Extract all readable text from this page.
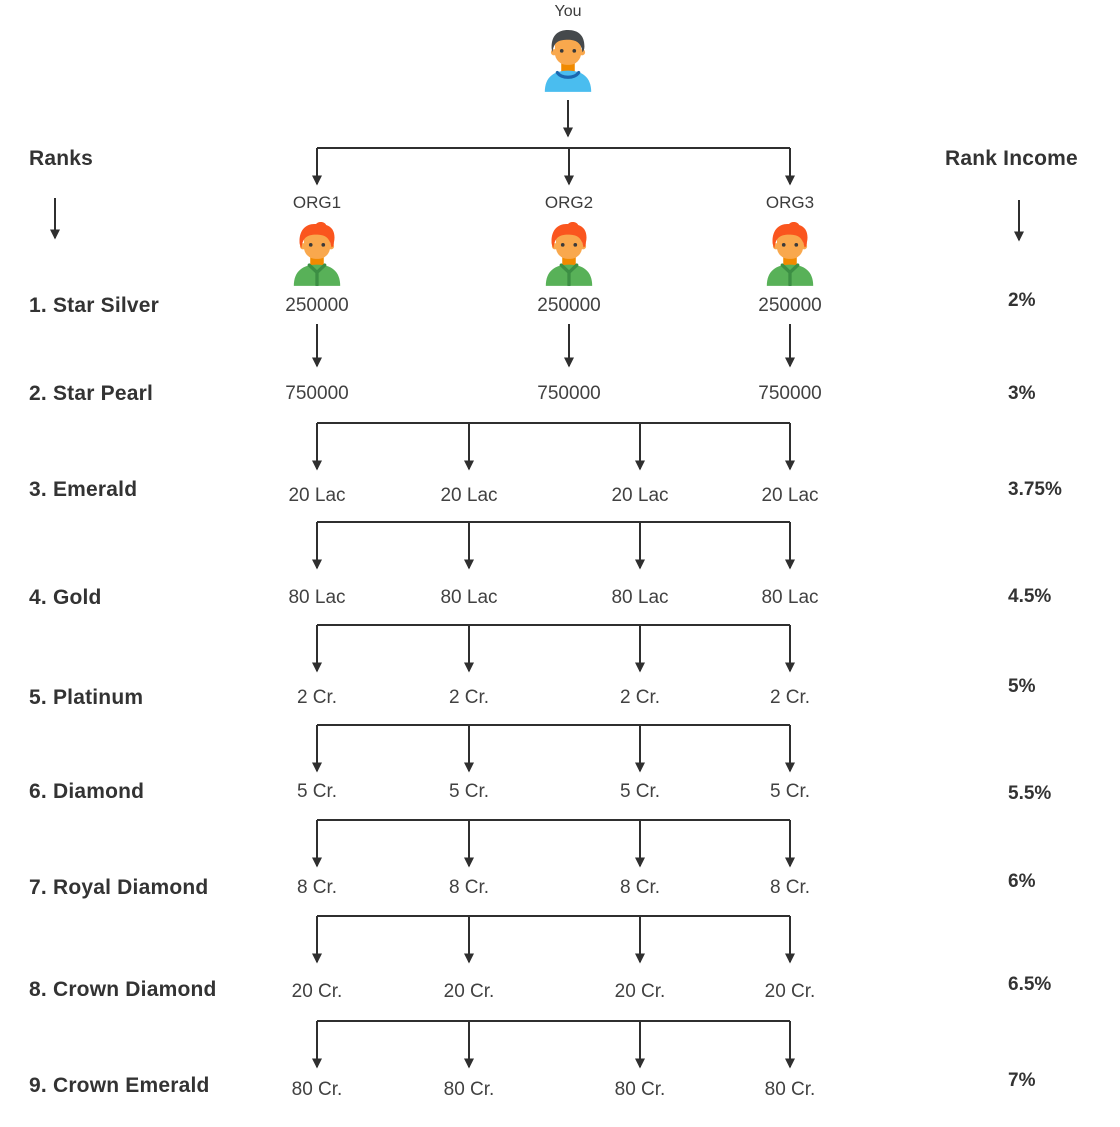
You
Ranks	Rank Income
ORG1	ORG2	ORG3
1. Star Silver	2%
250000	250000	250000
2. Star Pearl	3%
750000	750000	750000
3. Emerald	3.75%
20 Lac	20 Lac	20 Lac	20 Lac
4. Gold	4.5%
80 Lac	80 Lac	80 Lac	80 Lac
5. Platinum	5%
2 Cr.	2 Cr.	2 Cr.	2 Cr.
6. Diamond	5.5%
5 Cr.	5 Cr.	5 Cr.	5 Cr.
7. Royal Diamond	6%
8 Cr.	8 Cr.	8 Cr.	8 Cr.
8. Crown Diamond	6.5%
20 Cr.	20 Cr.	20 Cr.	20 Cr.
9. Crown Emerald	7%
80 Cr.	80 Cr.	80 Cr.	80 Cr.
